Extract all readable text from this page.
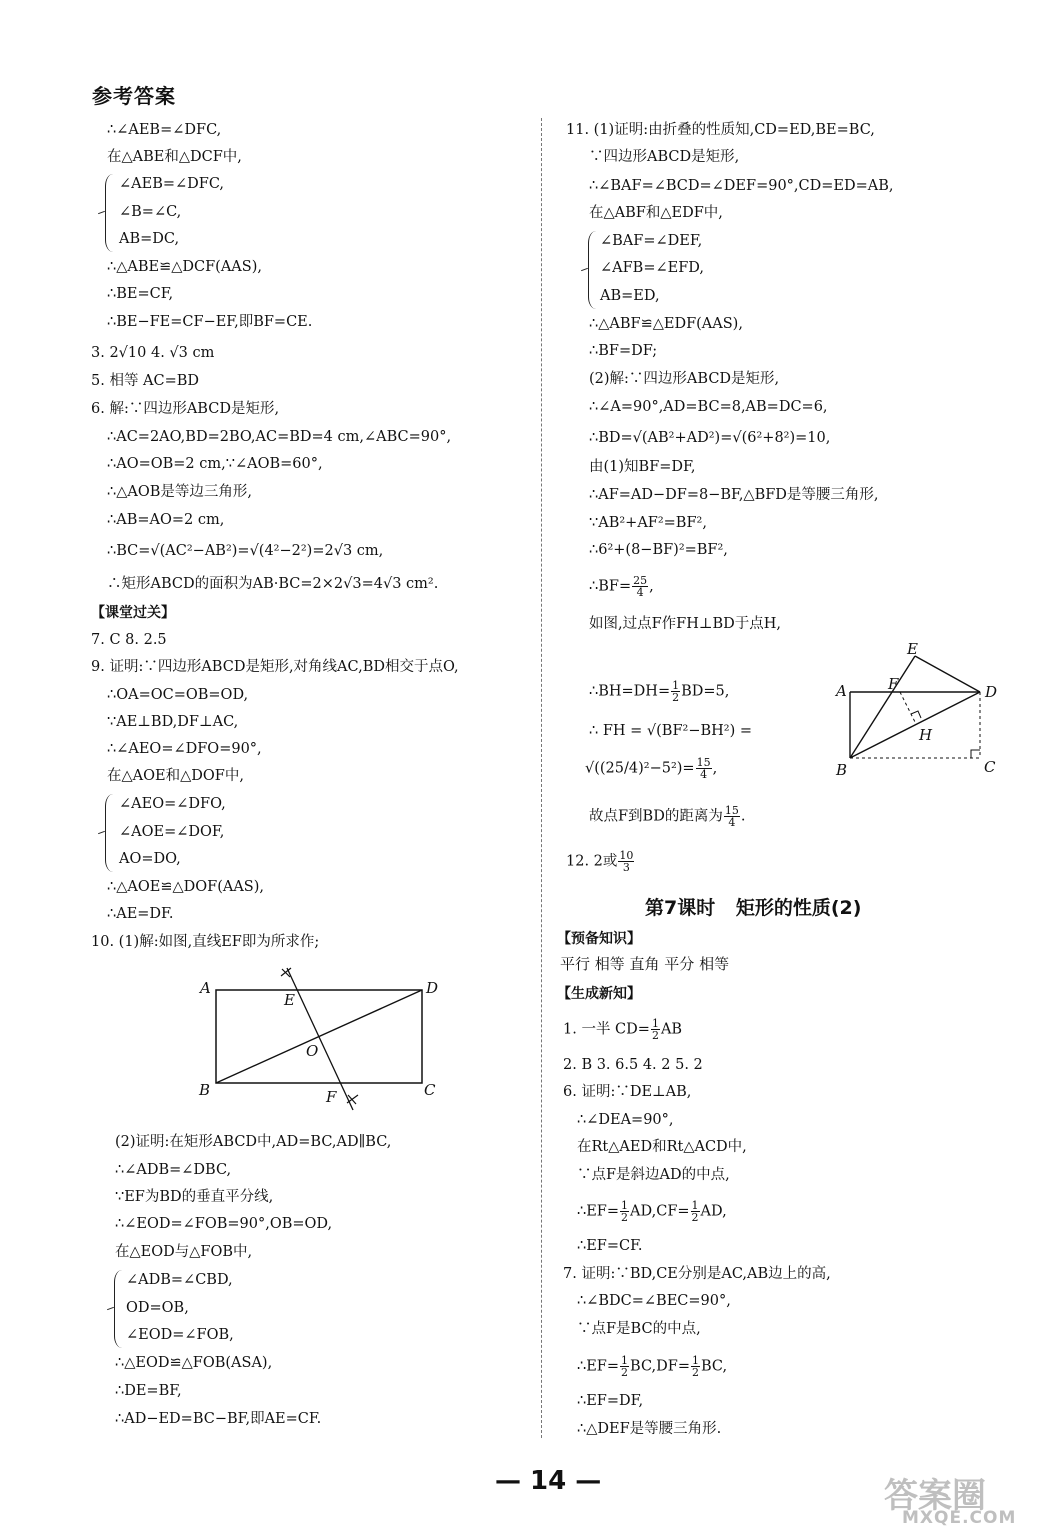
参考答案
∴∠AEB=∠DFC,
在△ABE和△DCF中,
∠AEB=∠DFC,
∠B=∠C,
AB=DC,
∴△ABE≌△DCF(AAS),
∴BE=CF,
∴BE−FE=CF−EF,即BF=CE.
3. 2√10 4. √3 cm
5. 相等 AC=BD
6. 解:∵四边形ABCD是矩形,
∴AC=2AO,BD=2BO,AC=BD=4 cm,∠ABC=90°,
∴AO=OB=2 cm,∵∠AOB=60°,
∴△AOB是等边三角形,
∴AB=AO=2 cm,
∴BC=√(AC²−AB²)=√(4²−2²)=2√3 cm,
∴矩形ABCD的面积为AB·BC=2×2√3=4√3 cm².
【课堂过关】
7. C 8. 2.5
9. 证明:∵四边形ABCD是矩形,对角线AC,BD相交于点O,
∴OA=OC=OB=OD,
∵AE⊥BD,DF⊥AC,
∴∠AEO=∠DFO=90°,
在△AOE和△DOF中,
∠AEO=∠DFO,
∠AOE=∠DOF,
AO=DO,
∴△AOE≌△DOF(AAS),
∴AE=DF.
10. (1)解:如图,直线EF即为所求作;
A	D
B	C
E
O
F
(2)证明:在矩形ABCD中,AD=BC,AD∥BC,
∴∠ADB=∠DBC,
∵EF为BD的垂直平分线,
∴∠EOD=∠FOB=90°,OB=OD,
在△EOD与△FOB中,
∠ADB=∠CBD,
OD=OB,
∠EOD=∠FOB,
∴△EOD≌△FOB(ASA),
∴DE=BF,
∴AD−ED=BC−BF,即AE=CF.
11. (1)证明:由折叠的性质知,CD=ED,BE=BC,
∵四边形ABCD是矩形,
∴∠BAF=∠BCD=∠DEF=90°,CD=ED=AB,
在△ABF和△EDF中,
∠BAF=∠DEF,
∠AFB=∠EFD,
AB=ED,
∴△ABF≌△EDF(AAS),
∴BF=DF;
(2)解:∵四边形ABCD是矩形,
∴∠A=90°,AD=BC=8,AB=DC=6,
∴BD=√(AB²+AD²)=√(6²+8²)=10,
由(1)知BF=DF,
∴AF=AD−DF=8−BF,△BFD是等腰三角形,
∵AB²+AF²=BF²,
∴6²+(8−BF)²=BF²,
∴BF= $\frac{25}{4}$ ,
如图,过点F作FH⊥BD于点H,
∴BH=DH= $\frac{1}{2} BD=5$,
∴ FH = √(BF²−BH²) =
$√((25/4)^2-5^2)= \frac{15}{4}$ ,
故点F到BD的距离为 $\frac{15}{4}$ .
12. 2或 $\frac{10}{3}$
E
A	F	D
H
B	C
第7课时 矩形的性质(2)
【预备知识】
平行 相等 直角 平分 相等
【生成新知】
1. 一半 $CD= \frac{1}{2}$ AB
2. B 3. 6.5 4. 2 5. 2
6. 证明:∵DE⊥AB,
∴∠DEA=90°,
在Rt△AED和Rt△ACD中,
∵点F是斜边AD的中点,
∴EF= $\frac{1}{2} AD,CF= \frac{1}{2}$ AD,
∴EF=CF.
7. 证明:∵BD,CE分别是AC,AB边上的高,
∴∠BDC=∠BEC=90°,
∵点F是BC的中点,
∴EF= $\frac{1}{2} BC,DF= \frac{1}{2}$ BC,
∴EF=DF,
∴△DEF是等腰三角形.
— 14 —	答案圈
MXQE.COM
